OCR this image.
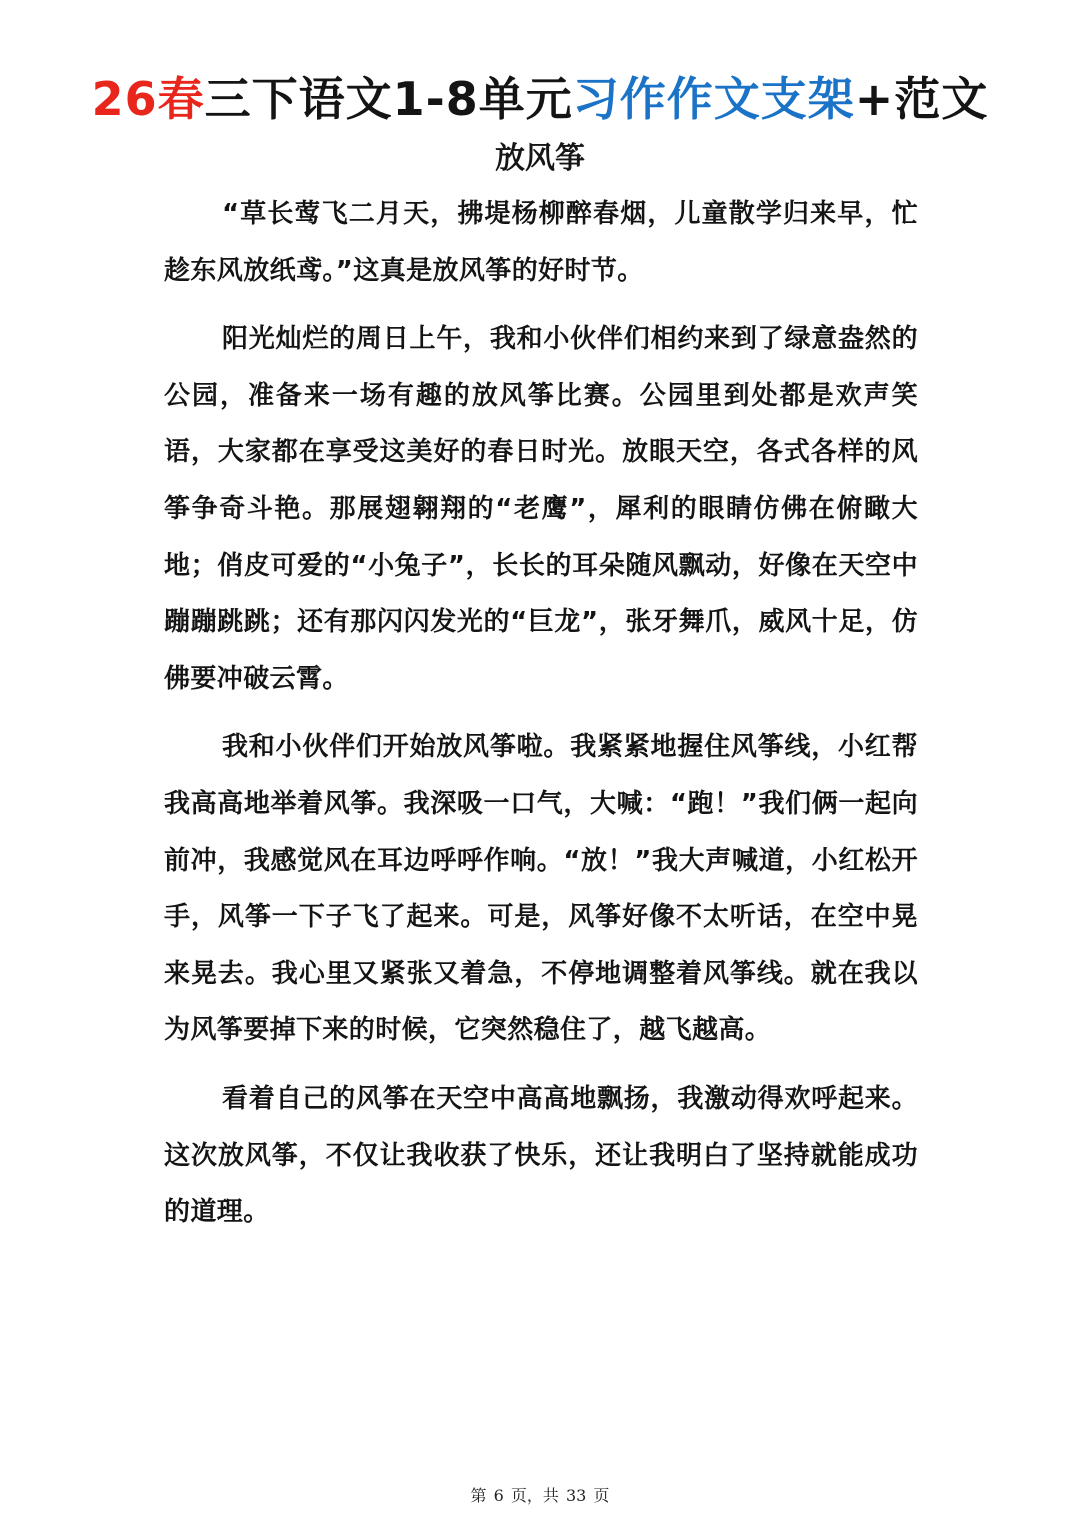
26春三下语文1-8单元习作作文支架+范文
放风筝

“草长莺飞二月天，拂堤杨柳醉春烟，儿童散学归来早，忙趁东风放纸鸢。”这真是放风筝的好时节。

阳光灿烂的周日上午，我和小伙伴们相约来到了绿意盎然的公园，准备来一场有趣的放风筝比赛。公园里到处都是欢声笑语，大家都在享受这美好的春日时光。放眼天空，各式各样的风筝争奇斗艳。那展翅翱翔的“老鹰”，犀利的眼睛仿佛在俯瞰大地；俏皮可爱的“小兔子”，长长的耳朵随风飘动，好像在天空中蹦蹦跳跳；还有那闪闪发光的“巨龙”，张牙舞爪，威风十足，仿佛要冲破云霄。

我和小伙伴们开始放风筝啦。我紧紧地握住风筝线，小红帮我高高地举着风筝。我深吸一口气，大喊：“跑！”我们俩一起向前冲，我感觉风在耳边呼呼作响。“放！”我大声喊道，小红松开手，风筝一下子飞了起来。可是，风筝好像不太听话，在空中晃来晃去。我心里又紧张又着急，不停地调整着风筝线。就在我以为风筝要掉下来的时候，它突然稳住了，越飞越高。

看着自己的风筝在天空中高高地飘扬，我激动得欢呼起来。这次放风筝，不仅让我收获了快乐，还让我明白了坚持就能成功的道理。

第 6 页，共 33 页
